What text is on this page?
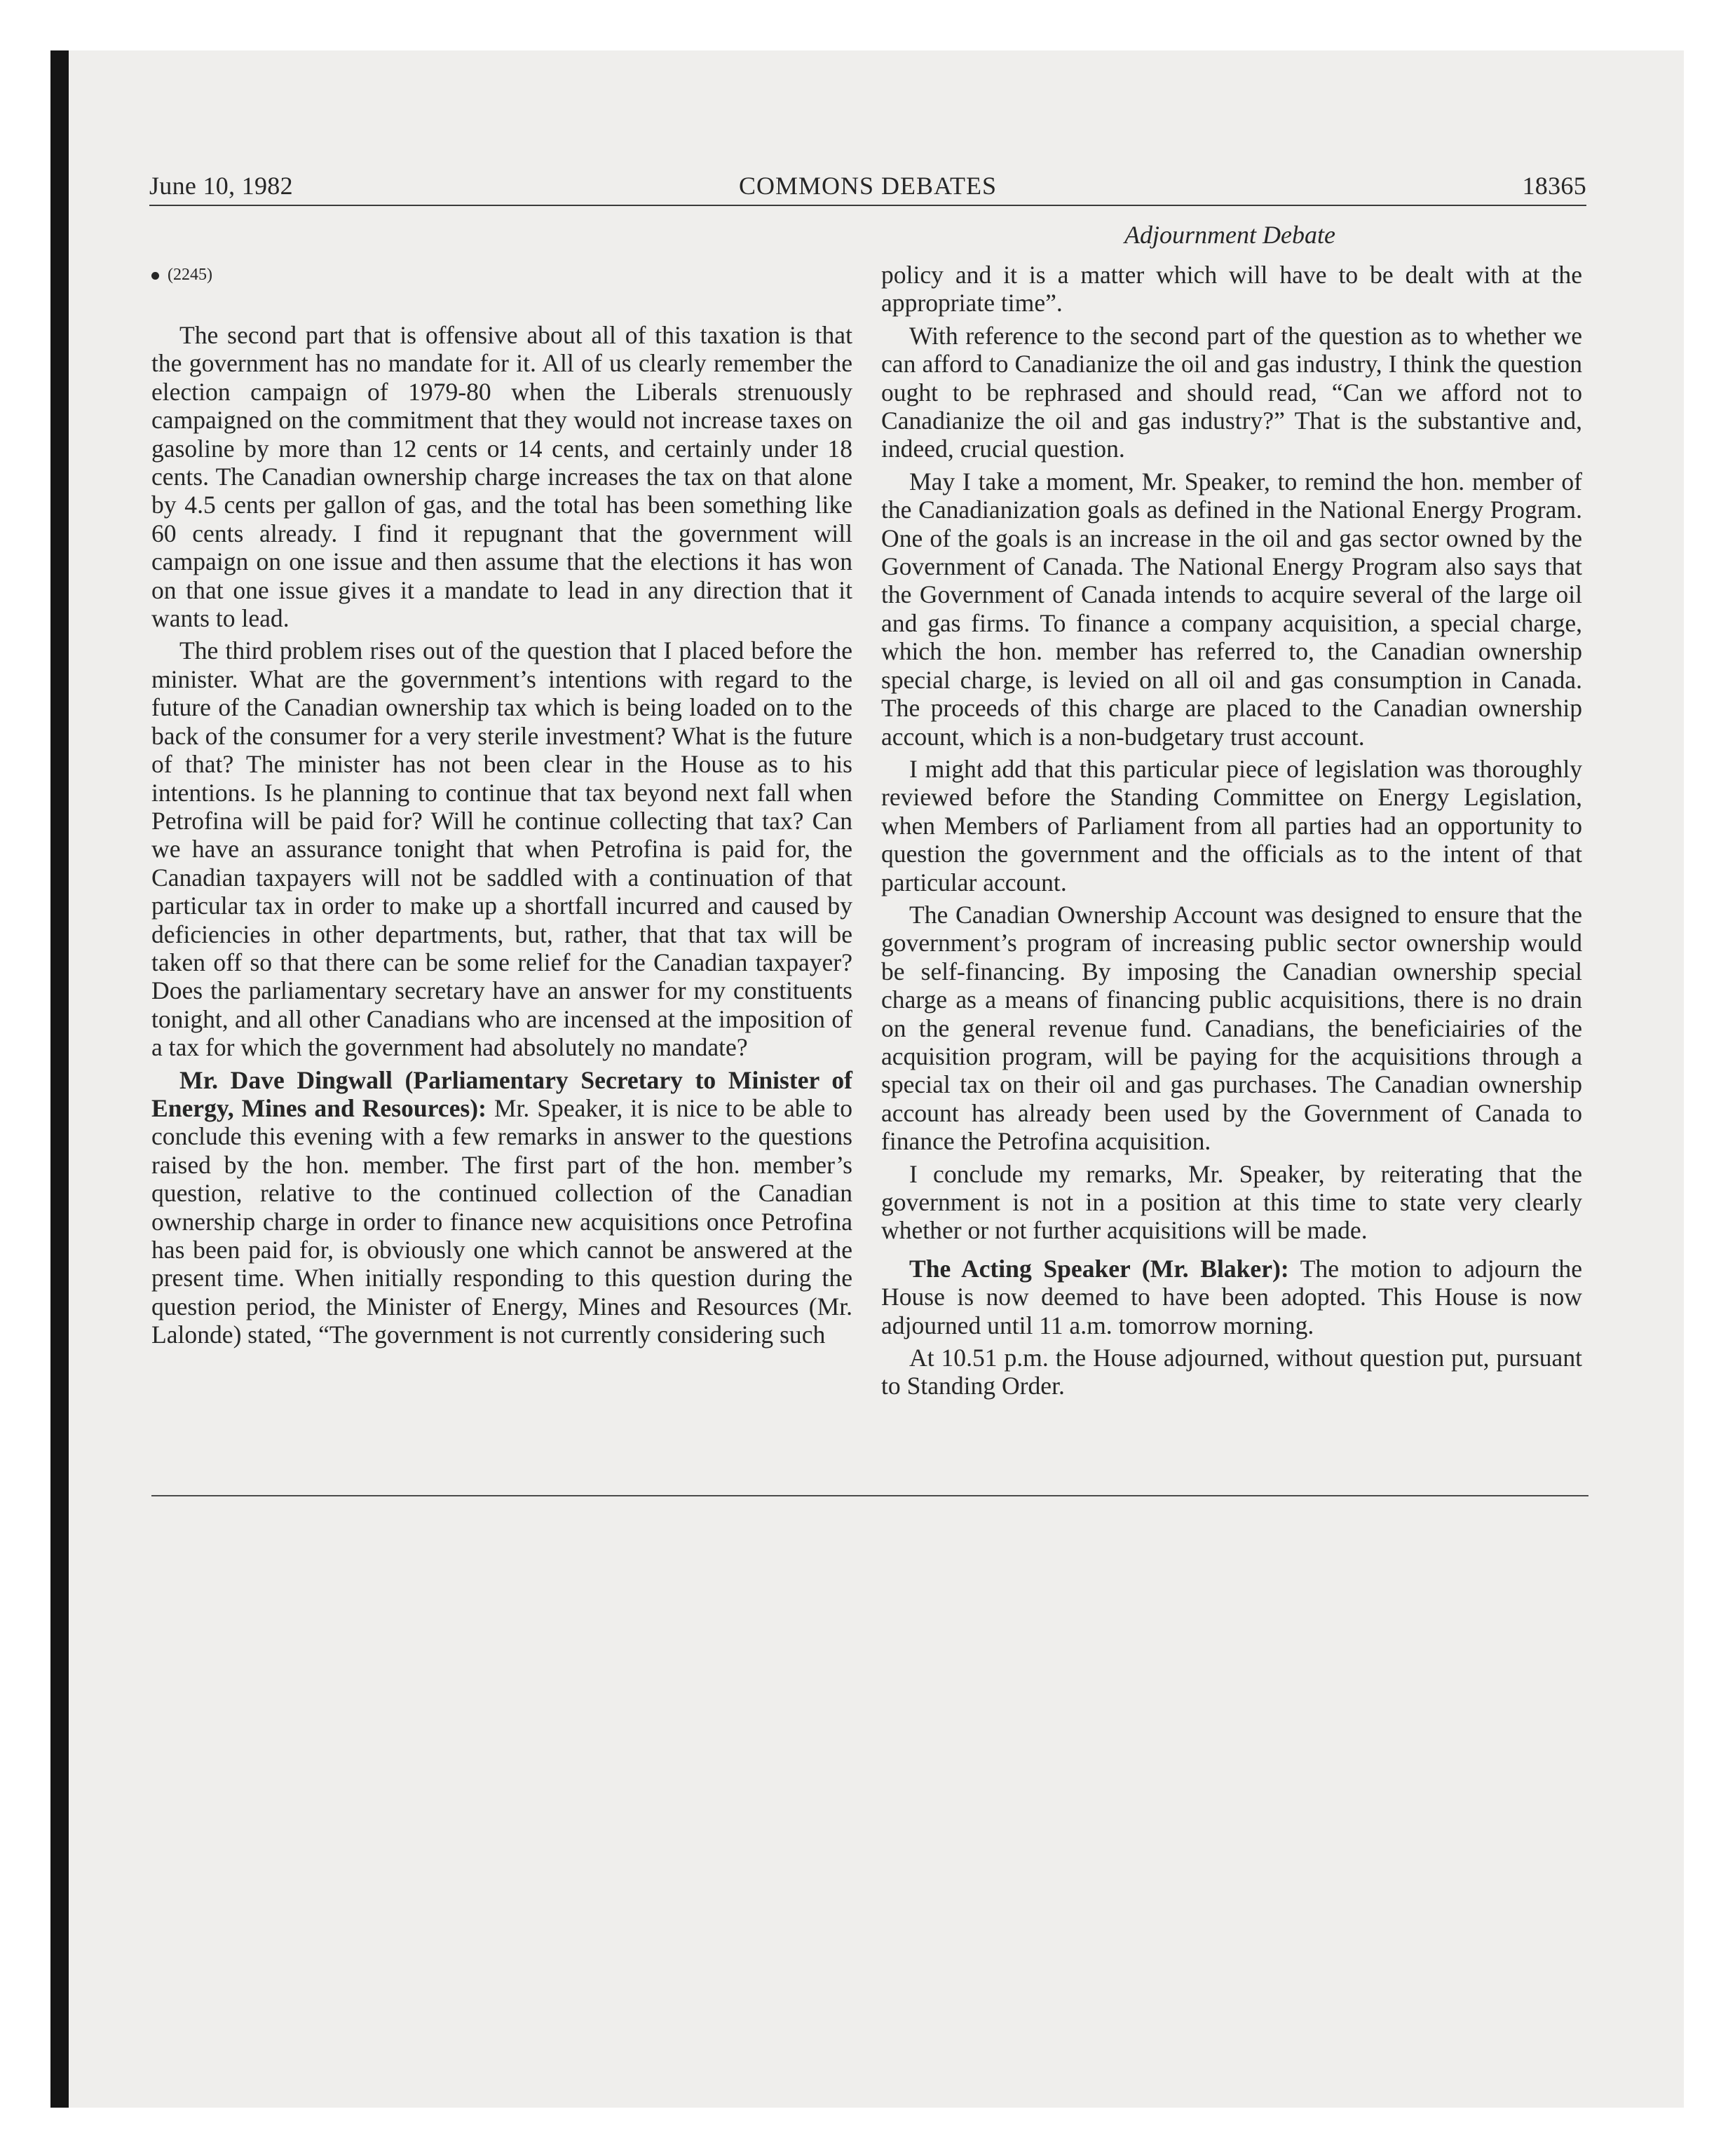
June 10, 1982	COMMONS DEBATES	18365
Adjournment Debate
(2245)

The second part that is offensive about all of this taxation is that the government has no mandate for it. All of us clearly remember the election campaign of 1979-80 when the Liberals strenuously campaigned on the commitment that they would not increase taxes on gasoline by more than 12 cents or 14 cents, and certainly under 18 cents. The Canadian ownership charge increases the tax on that alone by 4.5 cents per gallon of gas, and the total has been something like 60 cents already. I find it repugnant that the government will campaign on one issue and then assume that the elections it has won on that one issue gives it a mandate to lead in any direction that it wants to lead.

The third problem rises out of the question that I placed before the minister. What are the government’s intentions with regard to the future of the Canadian ownership tax which is being loaded on to the back of the consumer for a very sterile investment? What is the future of that? The minister has not been clear in the House as to his intentions. Is he planning to continue that tax beyond next fall when Petrofina will be paid for? Will he continue collecting that tax? Can we have an assurance tonight that when Petrofina is paid for, the Canadian taxpayers will not be saddled with a continuation of that particular tax in order to make up a shortfall incurred and caused by deficiencies in other departments, but, rather, that that tax will be taken off so that there can be some relief for the Canadian taxpayer? Does the parliamentary secretary have an answer for my constituents tonight, and all other Canadians who are incensed at the imposition of a tax for which the government had absolutely no mandate?

Mr. Dave Dingwall (Parliamentary Secretary to Minister of Energy, Mines and Resources): Mr. Speaker, it is nice to be able to conclude this evening with a few remarks in answer to the questions raised by the hon. member. The first part of the hon. member’s question, relative to the continued collection of the Canadian ownership charge in order to finance new acquisitions once Petrofina has been paid for, is obviously one which cannot be answered at the present time. When initially responding to this question during the question period, the Minister of Energy, Mines and Resources (Mr. Lalonde) stated, “The government is not currently considering such

policy and it is a matter which will have to be dealt with at the appropriate time”.

With reference to the second part of the question as to whether we can afford to Canadianize the oil and gas industry, I think the question ought to be rephrased and should read, “Can we afford not to Canadianize the oil and gas industry?” That is the substantive and, indeed, crucial question.

May I take a moment, Mr. Speaker, to remind the hon. member of the Canadianization goals as defined in the National Energy Program. One of the goals is an increase in the oil and gas sector owned by the Government of Canada. The National Energy Program also says that the Government of Canada intends to acquire several of the large oil and gas firms. To finance a company acquisition, a special charge, which the hon. member has referred to, the Canadian ownership special charge, is levied on all oil and gas consumption in Canada. The proceeds of this charge are placed to the Canadian ownership account, which is a non-budgetary trust account.

I might add that this particular piece of legislation was thoroughly reviewed before the Standing Committee on Energy Legislation, when Members of Parliament from all parties had an opportunity to question the government and the officials as to the intent of that particular account.

The Canadian Ownership Account was designed to ensure that the government’s program of increasing public sector ownership would be self-financing. By imposing the Canadian ownership special charge as a means of financing public acquisitions, there is no drain on the general revenue fund. Canadians, the beneficiairies of the acquisition program, will be paying for the acquisitions through a special tax on their oil and gas purchases. The Canadian ownership account has already been used by the Government of Canada to finance the Petrofina acquisition.

I conclude my remarks, Mr. Speaker, by reiterating that the government is not in a position at this time to state very clearly whether or not further acquisitions will be made.

The Acting Speaker (Mr. Blaker): The motion to adjourn the House is now deemed to have been adopted. This House is now adjourned until 11 a.m. tomorrow morning.

At 10.51 p.m. the House adjourned, without question put, pursuant to Standing Order.
